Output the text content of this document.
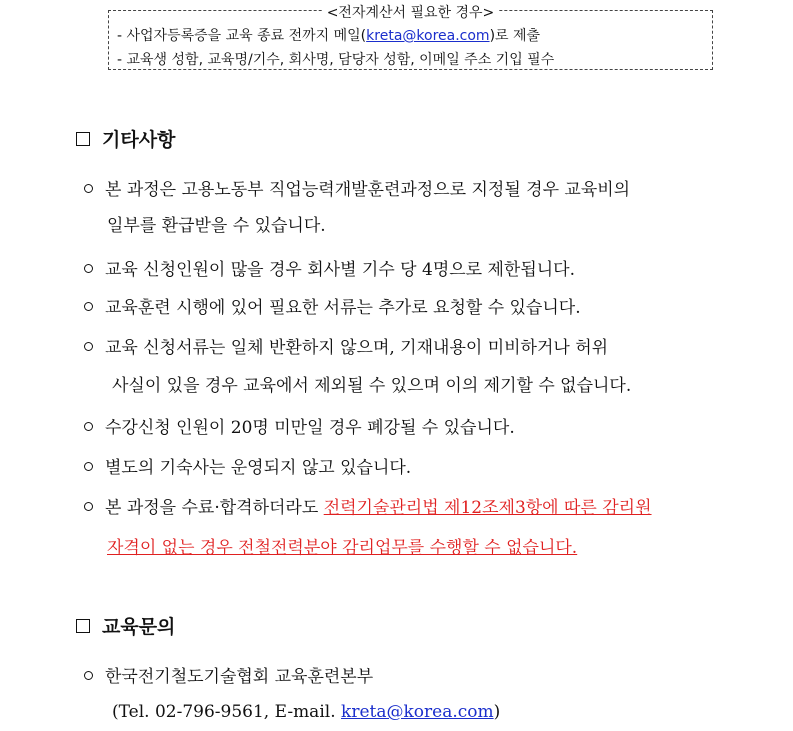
<전자계산서 필요한 경우>
- 사업자등록증을 교육 종료 전까지 메일(kreta@korea.com)로 제출
- 교육생 성함, 교육명/기수, 회사명, 담당자 성함, 이메일 주소 기입 필수
기타사항
본 과정은 고용노동부 직업능력개발훈련과정으로 지정될 경우 교육비의
일부를 환급받을 수 있습니다.
교육 신청인원이 많을 경우 회사별 기수 당 4명으로 제한됩니다.
교육훈련 시행에 있어 필요한 서류는 추가로 요청할 수 있습니다.
교육 신청서류는 일체 반환하지 않으며, 기재내용이 미비하거나 허위
사실이 있을 경우 교육에서 제외될 수 있으며 이의 제기할 수 없습니다.
수강신청 인원이 20명 미만일 경우 폐강될 수 있습니다.
별도의 기숙사는 운영되지 않고 있습니다.
본 과정을 수료·합격하더라도 전력기술관리법 제12조제3항에 따른 감리원
자격이 없는 경우 전철전력분야 감리업무를 수행할 수 없습니다.
교육문의
한국전기철도기술협회 교육훈련본부
(Tel. 02-796-9561, E-mail. kreta@korea.com)
